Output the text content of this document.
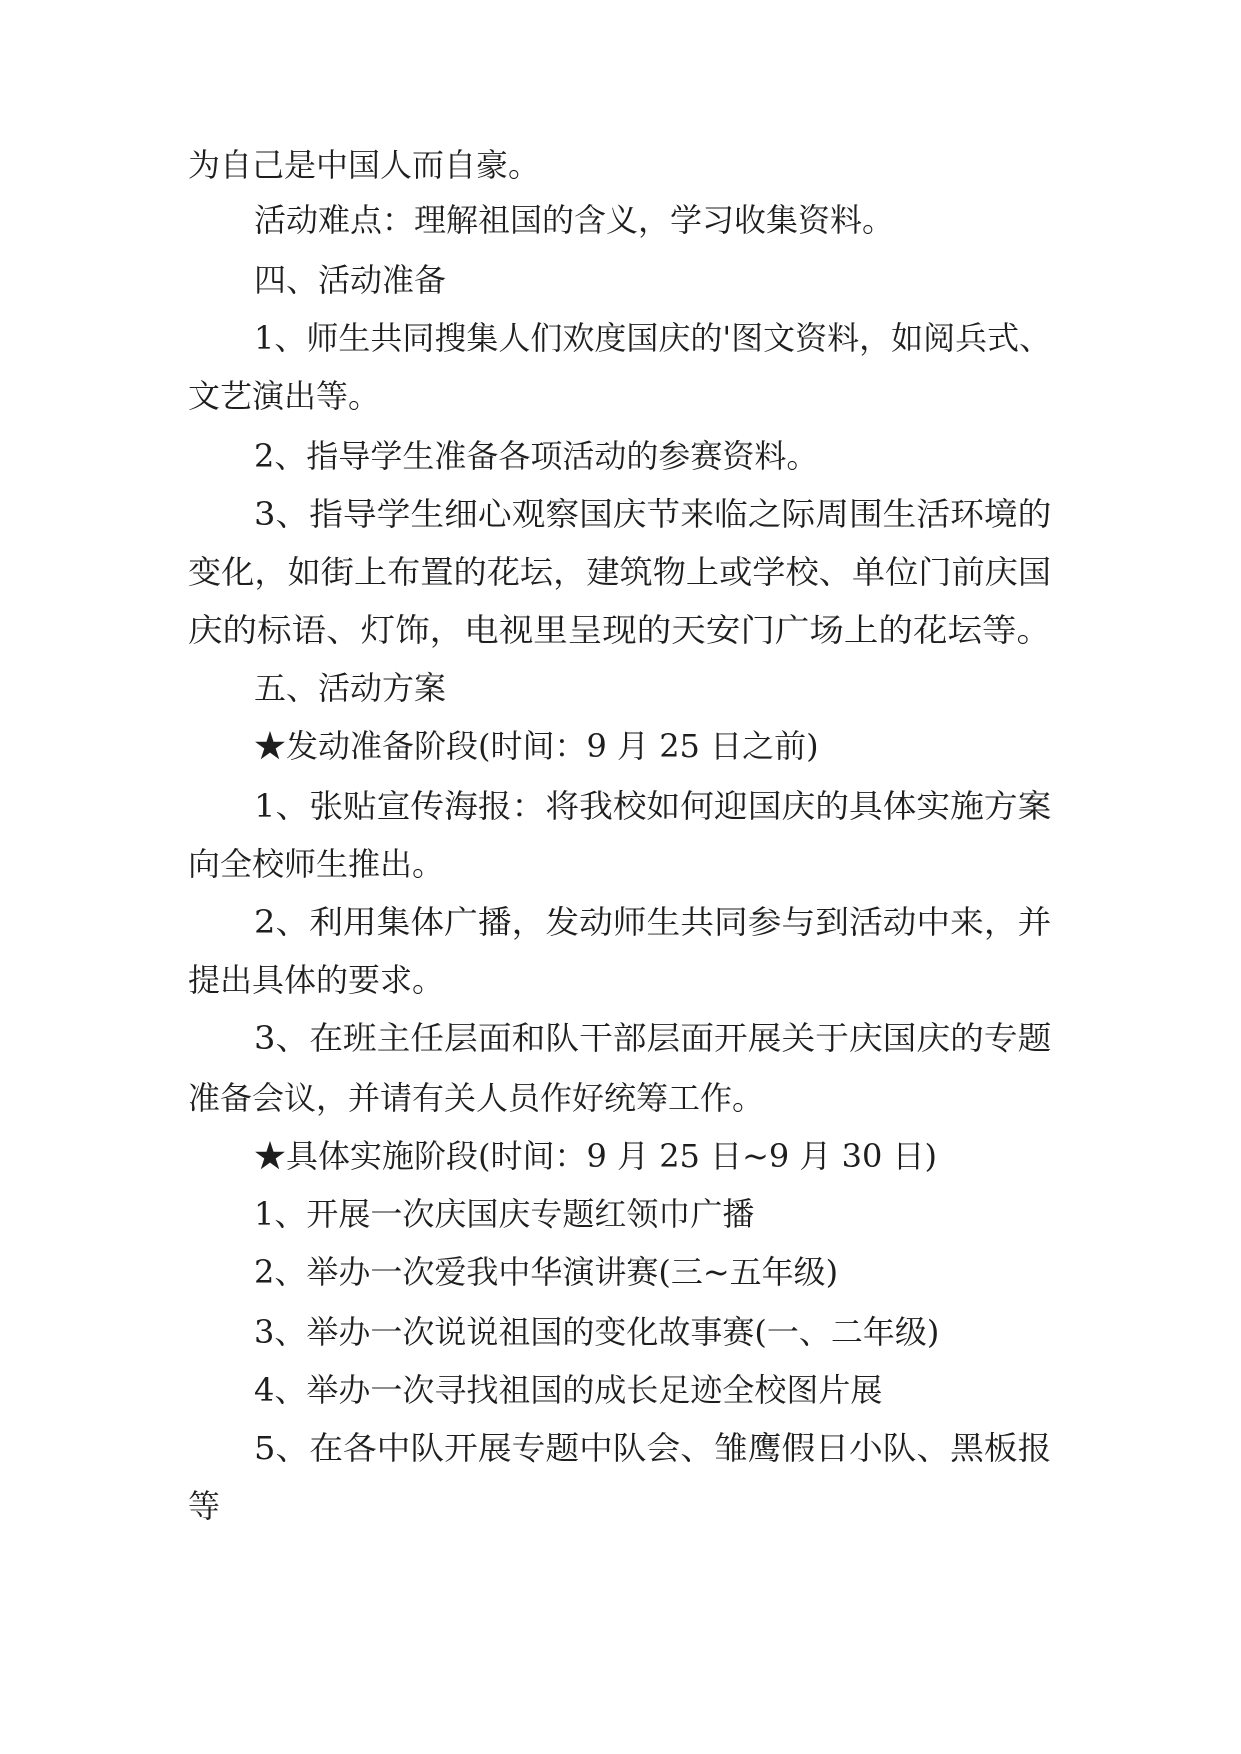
为自己是中国人而自豪。
活动难点：理解祖国的含义，学习收集资料。
四、活动准备
1、师生共同搜集人们欢度国庆的'图文资料，如阅兵式、
文艺演出等。
2、指导学生准备各项活动的参赛资料。
3、指导学生细心观察国庆节来临之际周围生活环境的
变化，如街上布置的花坛，建筑物上或学校、单位门前庆国
庆的标语、灯饰，电视里呈现的天安门广场上的花坛等。
五、活动方案
★发动准备阶段(时间：9 月 25 日之前)
1、张贴宣传海报：将我校如何迎国庆的具体实施方案
向全校师生推出。
2、利用集体广播，发动师生共同参与到活动中来，并
提出具体的要求。
3、在班主任层面和队干部层面开展关于庆国庆的专题
准备会议，并请有关人员作好统筹工作。
★具体实施阶段(时间：9 月 25 日~9 月 30 日)
1、开展一次庆国庆专题红领巾广播
2、举办一次爱我中华演讲赛(三~五年级)
3、举办一次说说祖国的变化故事赛(一、二年级)
4、举办一次寻找祖国的成长足迹全校图片展
5、在各中队开展专题中队会、雏鹰假日小队、黑板报
等
